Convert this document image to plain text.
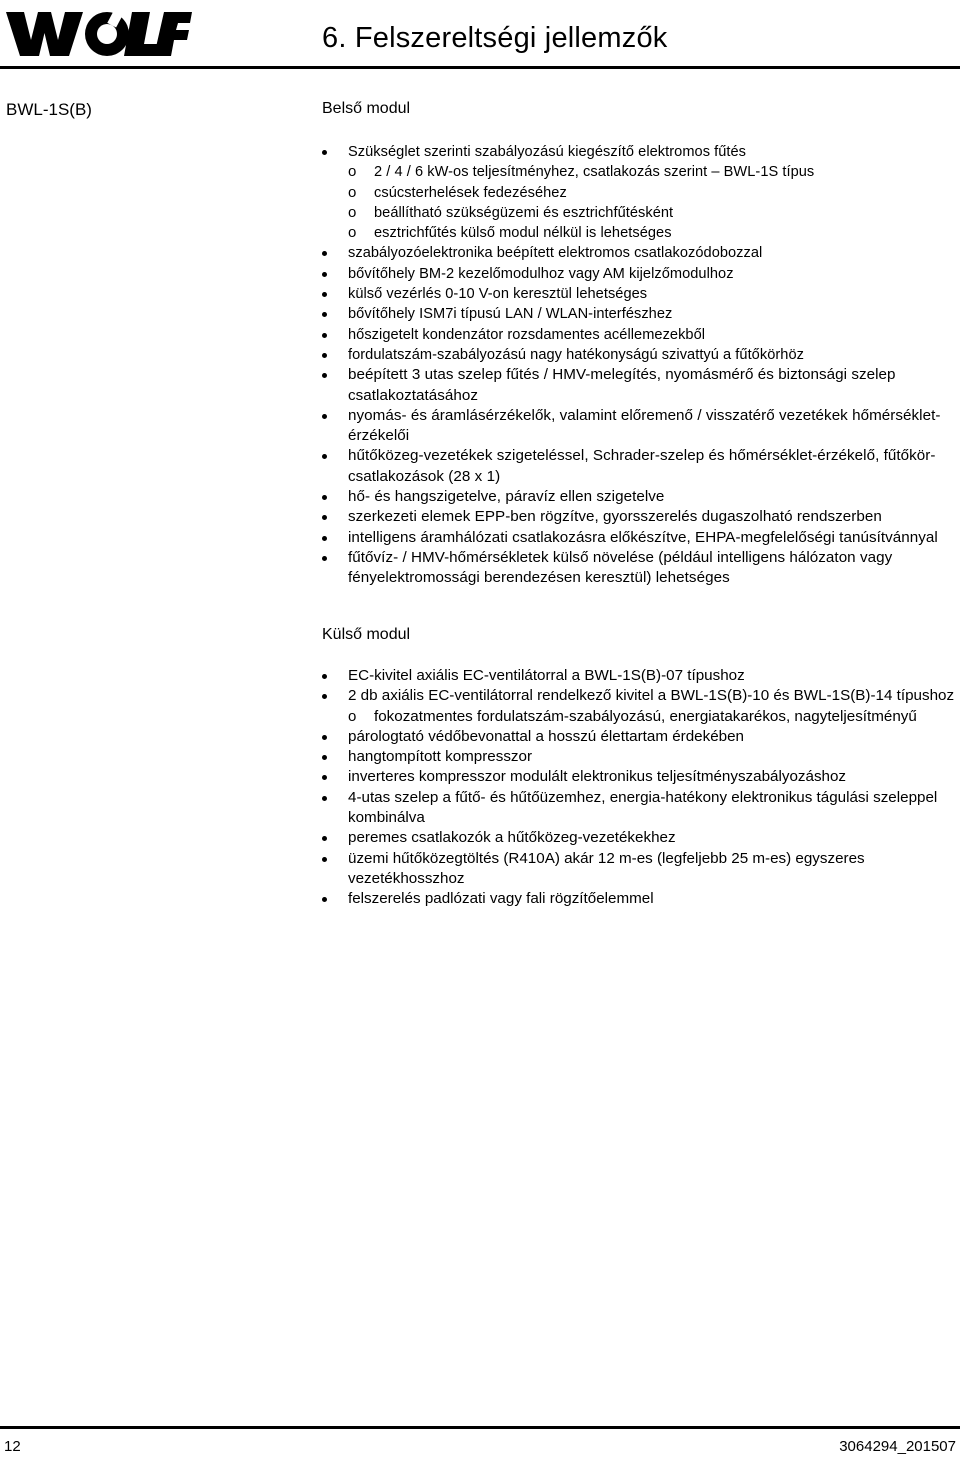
6. Felszereltségi jellemzők
BWL-1S(B)	Belső modul
Szükséglet szerinti szabályozású kiegészítő elektromos fűtés
o	2 / 4 / 6 kW-os teljesítményhez, csatlakozás szerint – BWL-1S típus
o	csúcsterhelések fedezéséhez
o	beállítható szükségüzemi és esztrichfűtésként
o	esztrichfűtés külső modul nélkül is lehetséges
szabályozóelektronika beépített elektromos csatlakozódobozzal
bővítőhely BM-2 kezelőmodulhoz vagy AM kijelzőmodulhoz
külső vezérlés 0-10 V-on keresztül lehetséges
bővítőhely ISM7i típusú LAN / WLAN-interfészhez
hőszigetelt kondenzátor rozsdamentes acéllemezekből
fordulatszám-szabályozású nagy hatékonyságú szivattyú a fűtőkörhöz
beépített 3 utas szelep fűtés / HMV-melegítés, nyomásmérő és biztonsági szelep csatlakoztatásához
nyomás- és áramlásérzékelők, valamint előremenő / visszatérő vezetékek hőmérséklet-érzékelői
hűtőközeg-vezetékek szigeteléssel, Schrader-szelep és hőmérséklet-érzékelő, fűtőkör-csatlakozások (28 x 1)
hő- és hangszigetelve, páravíz ellen szigetelve
szerkezeti elemek EPP-ben rögzítve, gyorsszerelés dugaszolható rendszerben
intelligens áramhálózati csatlakozásra előkészítve, EHPA-megfelelőségi tanúsítvánnyal
fűtővíz- / HMV-hőmérsékletek külső növelése (például intelligens hálózaton vagy fényelektromossági berendezésen keresztül) lehetséges
Külső modul
EC-kivitel axiális EC-ventilátorral a BWL-1S(B)-07 típushoz
2 db axiális EC-ventilátorral rendelkező kivitel a BWL-1S(B)-10 és BWL-1S(B)-14 típushoz
o	fokozatmentes fordulatszám-szabályozású, energiatakarékos, nagyteljesítményű
párologtató védőbevonattal a hosszú élettartam érdekében
hangtompított kompresszor
inverteres kompresszor modulált elektronikus teljesítményszabályozáshoz
4-utas szelep a fűtő- és hűtőüzemhez, energia-hatékony elektronikus tágulási szeleppel kombinálva
peremes csatlakozók a hűtőközeg-vezetékekhez
üzemi hűtőközegtöltés (R410A) akár 12 m-es (legfeljebb 25 m-es) egyszeres vezetékhosszhoz
felszerelés padlózati vagy fali rögzítőelemmel
12	3064294_201507
